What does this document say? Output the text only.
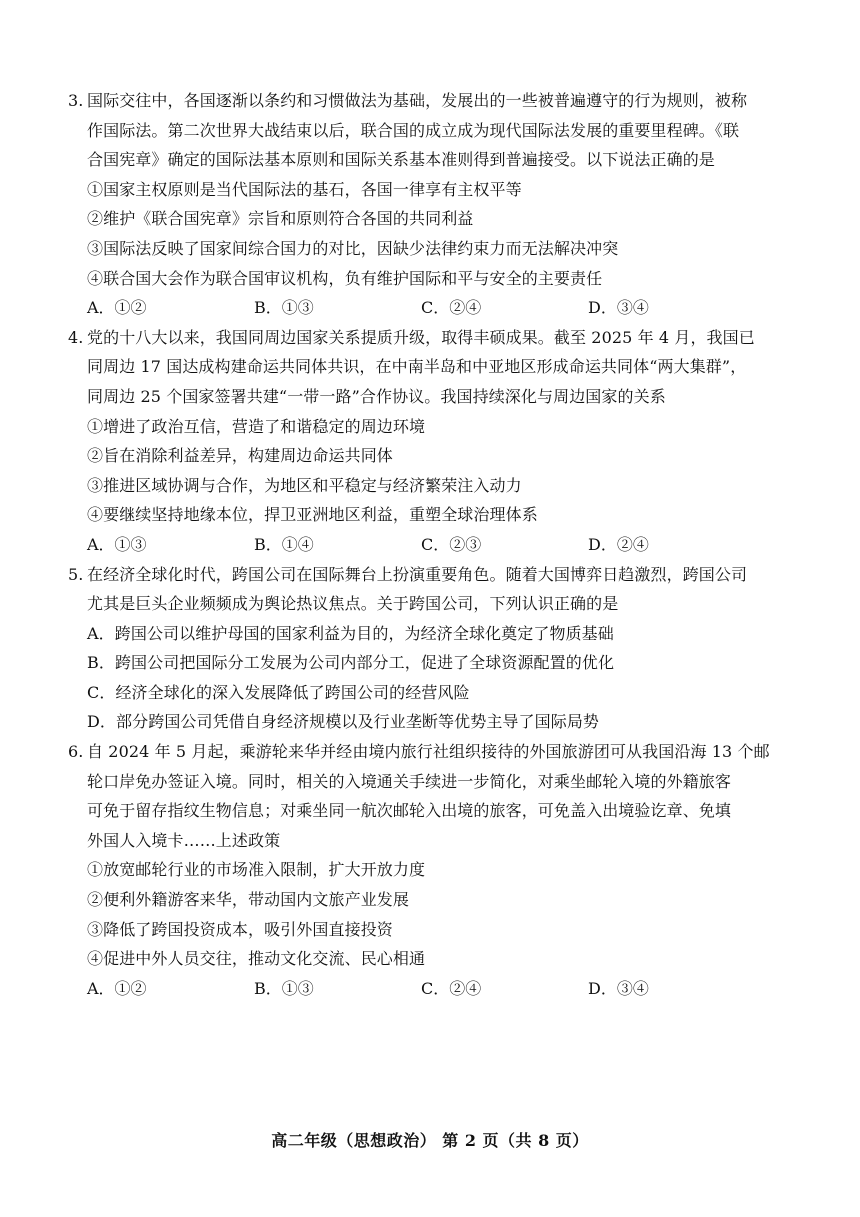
3. 国际交往中，各国逐渐以条约和习惯做法为基础，发展出的一些被普遍遵守的行为规则，被称
作国际法。第二次世界大战结束以后，联合国的成立成为现代国际法发展的重要里程碑。《联
合国宪章》确定的国际法基本原则和国际关系基本准则得到普遍接受。以下说法正确的是
①国家主权原则是当代国际法的基石，各国一律享有主权平等
②维护《联合国宪章》宗旨和原则符合各国的共同利益
③国际法反映了国家间综合国力的对比，因缺少法律约束力而无法解决冲突
④联合国大会作为联合国审议机构，负有维护国际和平与安全的主要责任
A．①②	B．①③	C．②④	D．③④
4. 党的十八大以来，我国同周边国家关系提质升级，取得丰硕成果。截至 2025 年 4 月，我国已
同周边 17 国达成构建命运共同体共识，在中南半岛和中亚地区形成命运共同体“两大集群”，
同周边 25 个国家签署共建“一带一路”合作协议。我国持续深化与周边国家的关系
①增进了政治互信，营造了和谐稳定的周边环境
②旨在消除利益差异，构建周边命运共同体
③推进区域协调与合作，为地区和平稳定与经济繁荣注入动力
④要继续坚持地缘本位，捍卫亚洲地区利益，重塑全球治理体系
A．①③	B．①④	C．②③	D．②④
5. 在经济全球化时代，跨国公司在国际舞台上扮演重要角色。随着大国博弈日趋激烈，跨国公司
尤其是巨头企业频频成为舆论热议焦点。关于跨国公司，下列认识正确的是
A．跨国公司以维护母国的国家利益为目的，为经济全球化奠定了物质基础
B．跨国公司把国际分工发展为公司内部分工，促进了全球资源配置的优化
C．经济全球化的深入发展降低了跨国公司的经营风险
D．部分跨国公司凭借自身经济规模以及行业垄断等优势主导了国际局势
6. 自 2024 年 5 月起，乘游轮来华并经由境内旅行社组织接待的外国旅游团可从我国沿海 13 个邮
轮口岸免办签证入境。同时，相关的入境通关手续进一步简化，对乘坐邮轮入境的外籍旅客
可免于留存指纹生物信息；对乘坐同一航次邮轮入出境的旅客，可免盖入出境验讫章、免填
外国人入境卡……上述政策
①放宽邮轮行业的市场准入限制，扩大开放力度
②便利外籍游客来华，带动国内文旅产业发展
③降低了跨国投资成本，吸引外国直接投资
④促进中外人员交往，推动文化交流、民心相通
A．①②	B．①③	C．②④	D．③④
高二年级（思想政治） 第 2 页（共 8 页）
